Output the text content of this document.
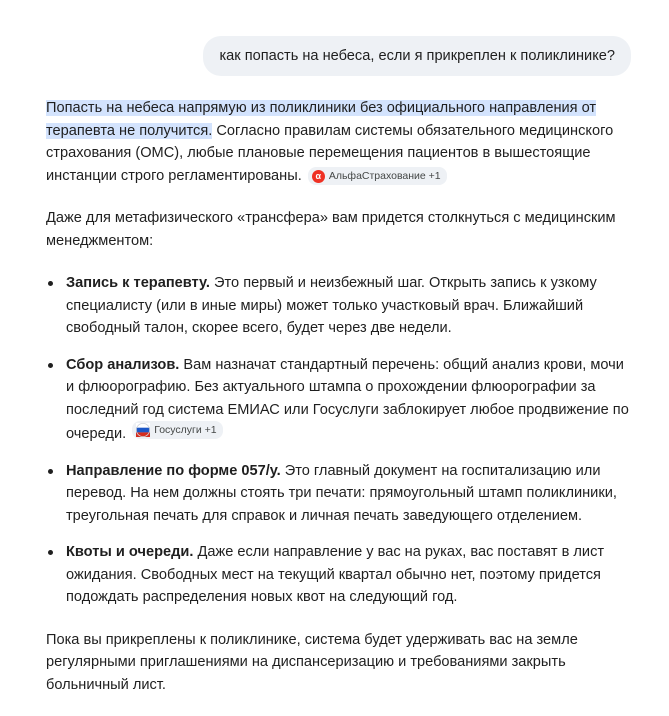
как попасть на небеса, если я прикреплен к поликлинике?

Попасть на небеса напрямую из поликлиники без официального направления от терапевта не получится. Согласно правилам системы обязательного медицинского страхования (ОМС), любые плановые перемещения пациентов в вышестоящие инстанции строго регламентированы.	α АльфаСтрахование +1

Даже для метафизического «трансфера» вам придется столкнуться с медицинским менеджментом:

Запись к терапевту. Это первый и неизбежный шаг. Открыть запись к узкому специалисту (или в иные миры) может только участковый врач. Ближайший свободный талон, скорее всего, будет через две недели.
Сбор анализов. Вам назначат стандартный перечень: общий анализ крови, мочи и флюорографию. Без актуального штампа о прохождении флюорографии за последний год система ЕМИАС или Госуслуги заблокирует любое продвижение по очереди.	Госуслуги +1
Направление по форме 057/у. Это главный документ на госпитализацию или перевод. На нем должны стоять три печати: прямоугольный штамп поликлиники, треугольная печать для справок и личная печать заведующего отделением.
Квоты и очереди. Даже если направление у вас на руках, вас поставят в лист ожидания. Свободных мест на текущий квартал обычно нет, поэтому придется подождать распределения новых квот на следующий год.

Пока вы прикреплены к поликлинике, система будет удерживать вас на земле регулярными приглашениями на диспансеризацию и требованиями закрыть больничный лист.
